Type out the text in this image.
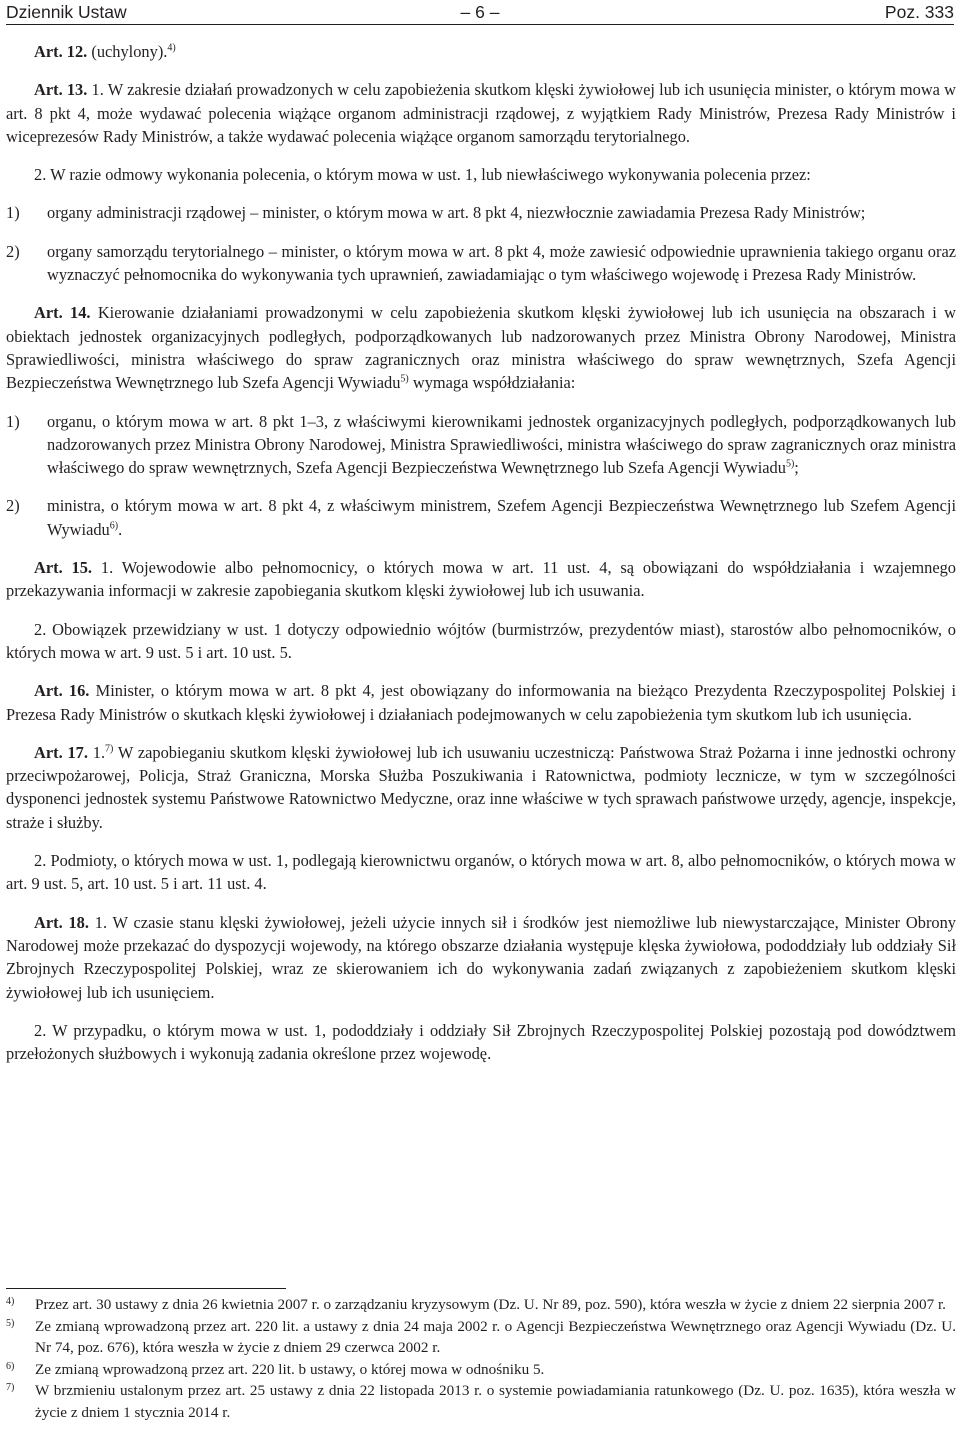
Dziennik Ustaw	– 6 –	Poz. 333

Art. 12. (uchylony).$^{4)}$

Art. 13. 1. W zakresie działań prowadzonych w celu zapobieżenia skutkom klęski żywiołowej lub ich usunięcia minister, o którym mowa w art. 8 pkt 4, może wydawać polecenia wiążące organom administracji rządowej, z wyjątkiem Rady Ministrów, Prezesa Rady Ministrów i wiceprezesów Rady Ministrów, a także wydawać polecenia wiążące organom samorządu terytorialnego.

2. W razie odmowy wykonania polecenia, o którym mowa w ust. 1, lub niewłaściwego wykonywania polecenia przez:

1) organy administracji rządowej – minister, o którym mowa w art. 8 pkt 4, niezwłocznie zawiadamia Prezesa Rady Ministrów;
2) organy samorządu terytorialnego – minister, o którym mowa w art. 8 pkt 4, może zawiesić odpowiednie uprawnienia takiego organu oraz wyznaczyć pełnomocnika do wykonywania tych uprawnień, zawiadamiając o tym właściwego wojewodę i Prezesa Rady Ministrów.

Art. 14. Kierowanie działaniami prowadzonymi w celu zapobieżenia skutkom klęski żywiołowej lub ich usunięcia na obszarach i w obiektach jednostek organizacyjnych podległych, podporządkowanych lub nadzorowanych przez Ministra Obrony Narodowej, Ministra Sprawiedliwości, ministra właściwego do spraw zagranicznych oraz ministra właściwego do spraw wewnętrznych, Szefa Agencji Bezpieczeństwa Wewnętrznego lub Szefa Agencji Wywiadu$^{5)}$ wymaga współdziałania:

1) organu, o którym mowa w art. 8 pkt 1–3, z właściwymi kierownikami jednostek organizacyjnych podległych, podporządkowanych lub nadzorowanych przez Ministra Obrony Narodowej, Ministra Sprawiedliwości, ministra właściwego do spraw zagranicznych oraz ministra właściwego do spraw wewnętrznych, Szefa Agencji Bezpieczeństwa Wewnętrznego lub Szefa Agencji Wywiadu$^{5)}$;
2) ministra, o którym mowa w art. 8 pkt 4, z właściwym ministrem, Szefem Agencji Bezpieczeństwa Wewnętrznego lub Szefem Agencji Wywiadu$^{6)}$.

Art. 15. 1. Wojewodowie albo pełnomocnicy, o których mowa w art. 11 ust. 4, są obowiązani do współdziałania i wzajemnego przekazywania informacji w zakresie zapobiegania skutkom klęski żywiołowej lub ich usuwania.

2. Obowiązek przewidziany w ust. 1 dotyczy odpowiednio wójtów (burmistrzów, prezydentów miast), starostów albo pełnomocników, o których mowa w art. 9 ust. 5 i art. 10 ust. 5.

Art. 16. Minister, o którym mowa w art. 8 pkt 4, jest obowiązany do informowania na bieżąco Prezydenta Rzeczypospolitej Polskiej i Prezesa Rady Ministrów o skutkach klęski żywiołowej i działaniach podejmowanych w celu zapobieżenia tym skutkom lub ich usunięcia.

Art. 17. 1.$^{7)}$ W zapobieganiu skutkom klęski żywiołowej lub ich usuwaniu uczestniczą: Państwowa Straż Pożarna i inne jednostki ochrony przeciwpożarowej, Policja, Straż Graniczna, Morska Służba Poszukiwania i Ratownictwa, podmioty lecznicze, w tym w szczególności dysponenci jednostek systemu Państwowe Ratownictwo Medyczne, oraz inne właściwe w tych sprawach państwowe urzędy, agencje, inspekcje, straże i służby.

2. Podmioty, o których mowa w ust. 1, podlegają kierownictwu organów, o których mowa w art. 8, albo pełnomocników, o których mowa w art. 9 ust. 5, art. 10 ust. 5 i art. 11 ust. 4.

Art. 18. 1. W czasie stanu klęski żywiołowej, jeżeli użycie innych sił i środków jest niemożliwe lub niewystarczające, Minister Obrony Narodowej może przekazać do dyspozycji wojewody, na którego obszarze działania występuje klęska żywiołowa, pododdziały lub oddziały Sił Zbrojnych Rzeczypospolitej Polskiej, wraz ze skierowaniem ich do wykonywania zadań związanych z zapobieżeniem skutkom klęski żywiołowej lub ich usunięciem.

2. W przypadku, o którym mowa w ust. 1, pododdziały i oddziały Sił Zbrojnych Rzeczypospolitej Polskiej pozostają pod dowództwem przełożonych służbowych i wykonują zadania określone przez wojewodę.

4) Przez art. 30 ustawy z dnia 26 kwietnia 2007 r. o zarządzaniu kryzysowym (Dz. U. Nr 89, poz. 590), która weszła w życie z dniem 22 sierpnia 2007 r.

5) Ze zmianą wprowadzoną przez art. 220 lit. a ustawy z dnia 24 maja 2002 r. o Agencji Bezpieczeństwa Wewnętrznego oraz Agencji Wywiadu (Dz. U. Nr 74, poz. 676), która weszła w życie z dniem 29 czerwca 2002 r.

6) Ze zmianą wprowadzoną przez art. 220 lit. b ustawy, o której mowa w odnośniku 5.

7) W brzmieniu ustalonym przez art. 25 ustawy z dnia 22 listopada 2013 r. o systemie powiadamiania ratunkowego (Dz. U. poz. 1635), która weszła w życie z dniem 1 stycznia 2014 r.
